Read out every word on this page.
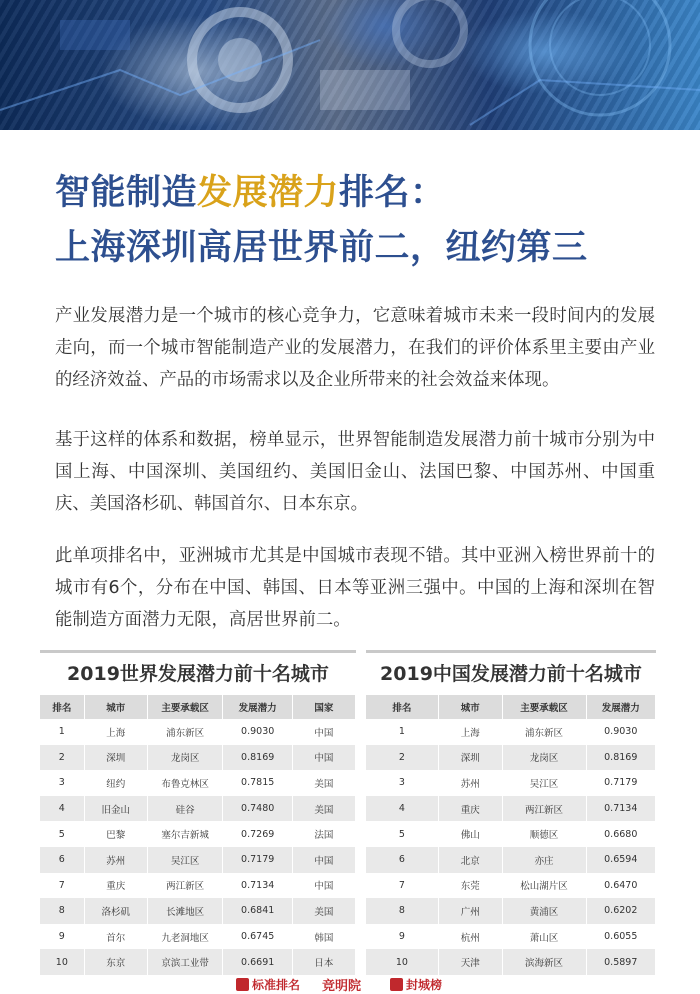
智能制造发展潜力排名：
上海深圳高居世界前二，纽约第三

产业发展潜力是一个城市的核心竞争力，它意味着城市未来一段时间内的发展走向，而一个城市智能制造产业的发展潜力，在我们的评价体系里主要由产业的经济效益、产品的市场需求以及企业所带来的社会效益来体现。

基于这样的体系和数据，榜单显示，世界智能制造发展潜力前十城市分别为中国上海、中国深圳、美国纽约、美国旧金山、法国巴黎、中国苏州、中国重庆、美国洛杉矶、韩国首尔、日本东京。

此单项排名中，亚洲城市尤其是中国城市表现不错。其中亚洲入榜世界前十的城市有6个，分布在中国、韩国、日本等亚洲三强中。中国的上海和深圳在智能制造方面潜力无限，高居世界前二。

2019世界发展潜力前十名城市
排名	城市	主要承载区	发展潜力	国家
1	上海	浦东新区	0.9030	中国
2	深圳	龙岗区	0.8169	中国
3	纽约	布鲁克林区	0.7815	美国
4	旧金山	硅谷	0.7480	美国
5	巴黎	塞尔吉新城	0.7269	法国
6	苏州	吴江区	0.7179	中国
7	重庆	两江新区	0.7134	中国
8	洛杉矶	长滩地区	0.6841	美国
9	首尔	九老洞地区	0.6745	韩国
10	东京	京滨工业带	0.6691	日本
2019中国发展潜力前十名城市
排名	城市	主要承载区	发展潜力
1	上海	浦东新区	0.9030
2	深圳	龙岗区	0.8169
3	苏州	吴江区	0.7179
4	重庆	两江新区	0.7134
5	佛山	顺德区	0.6680
6	北京	亦庄	0.6594
7	东莞	松山湖片区	0.6470
8	广州	黄浦区	0.6202
9	杭州	萧山区	0.6055
10	天津	滨海新区	0.5897
标准排名 竞明院	封城榜
